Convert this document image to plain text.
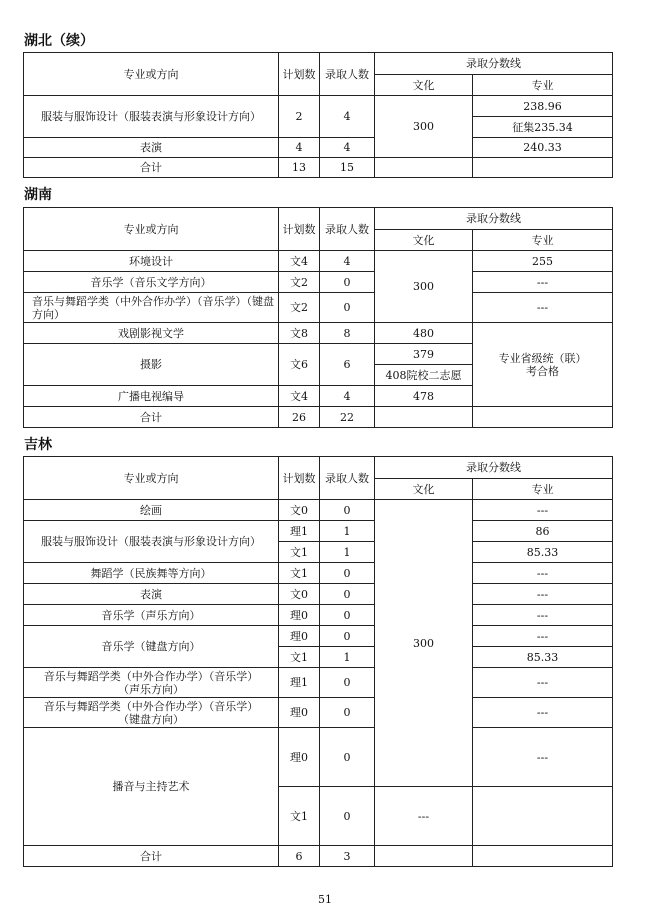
湖北（续）
专业或方向	计划数	录取人数	录取分数线	
			文化	专业
服装与服饰设计（服装表演与形象设计方向）	2	4	300	238.96
				征集235.34
表演	4	4		240.33
合计	13	15		
湖南
专业或方向	计划数	录取人数	录取分数线	
			文化	专业
环境设计	文4	4	300	255
音乐学（音乐文学方向）	文2	0		---
音乐与舞蹈学类（中外合作办学）（音乐学）（键盘方向）	文2	0		---
戏剧影视文学	文8	8	480	专业省级统（联）考合格
摄影	文6	6	379	
			408院校二志愿	
广播电视编导	文4	4	478	
合计	26	22		
吉林
专业或方向	计划数	录取人数	录取分数线		
			文化	专业	
绘画	文0	0	300	---	
服装与服饰设计（服装表演与形象设计方向）	理1	1		86	
	文1	1		85.33	
舞蹈学（民族舞等方向）	文1	0		---	
表演	文0	0		---	
音乐学（声乐方向）	理0	0		---	
音乐学（键盘方向）	理0	0		---	
	文1	1		85.33	
音乐与舞蹈学类（中外合作办学）（音乐学）（声乐方向）	理1	0		---	
音乐与舞蹈学类（中外合作办学）（音乐学）（键盘方向）	理0	0		---	
播音与主持艺术	理0	0		---	
	文1	0	---		
合计	6	3			
51
